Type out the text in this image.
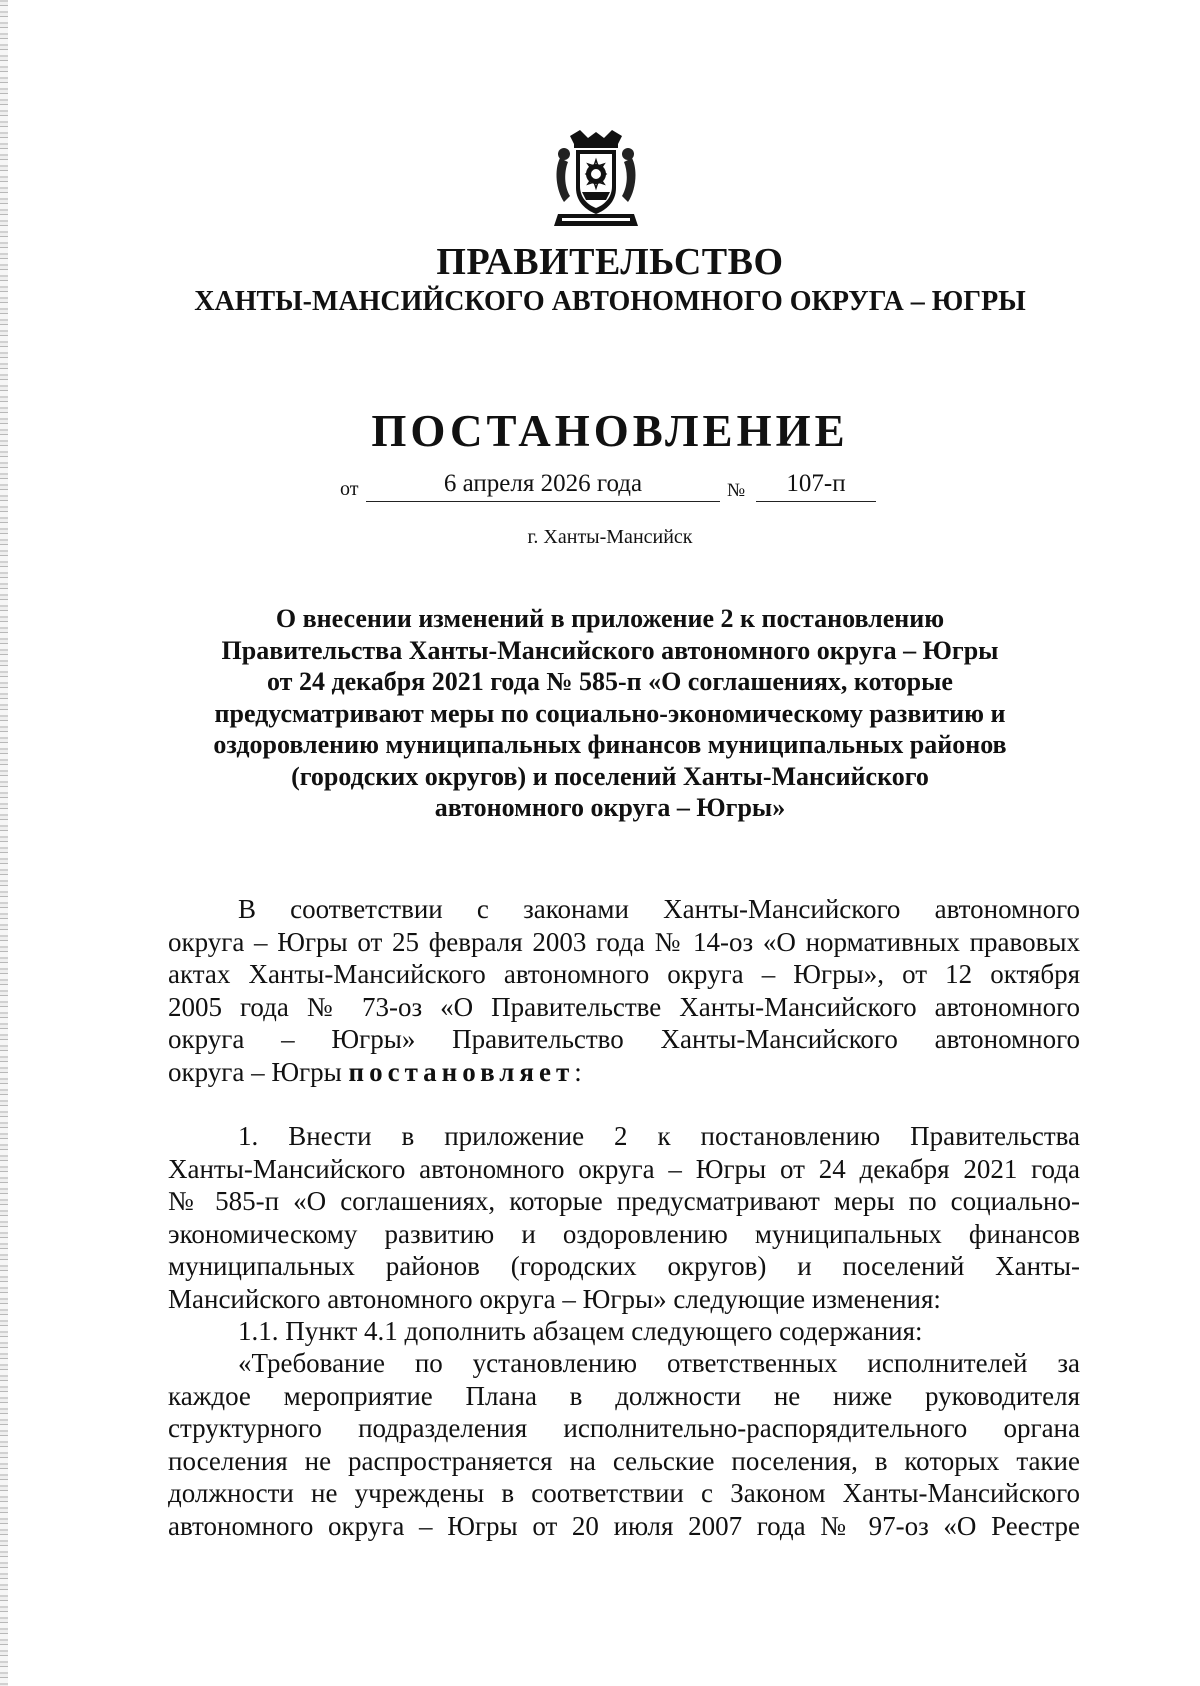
ПРАВИТЕЛЬСТВО
ХАНТЫ-МАНСИЙСКОГО АВТОНОМНОГО ОКРУГА – ЮГРЫ
ПОСТАНОВЛЕНИЕ
от	6 апреля 2026 года	№	107-п
г. Ханты-Мансийск
О внесении изменений в приложение 2 к постановлению
Правительства Ханты-Мансийского автономного округа – Югры
от 24 декабря 2021 года № 585-п «О соглашениях, которые
предусматривают меры по социально-экономическому развитию и
оздоровлению муниципальных финансов муниципальных районов
(городских округов) и поселений Ханты-Мансийского
автономного округа – Югры»
В соответствии с законами Ханты-Мансийского автономного
округа – Югры от 25 февраля 2003 года № 14-оз «О нормативных правовых
актах Ханты-Мансийского автономного округа – Югры», от 12 октября
2005 года № 73-оз «О Правительстве Ханты-Мансийского автономного
округа – Югры» Правительство Ханты-Мансийского автономного
округа – Югры постановляет:
1. Внести в приложение 2 к постановлению Правительства
Ханты-Мансийского автономного округа – Югры от 24 декабря 2021 года
№ 585-п «О соглашениях, которые предусматривают меры по социально-
экономическому развитию и оздоровлению муниципальных финансов
муниципальных районов (городских округов) и поселений Ханты-
Мансийского автономного округа – Югры» следующие изменения:
1.1. Пункт 4.1 дополнить абзацем следующего содержания:
«Требование по установлению ответственных исполнителей за
каждое мероприятие Плана в должности не ниже руководителя
структурного подразделения исполнительно-распорядительного органа
поселения не распространяется на сельские поселения, в которых такие
должности не учреждены в соответствии с Законом Ханты-Мансийского
автономного округа – Югры от 20 июля 2007 года № 97-оз «О Реестре
